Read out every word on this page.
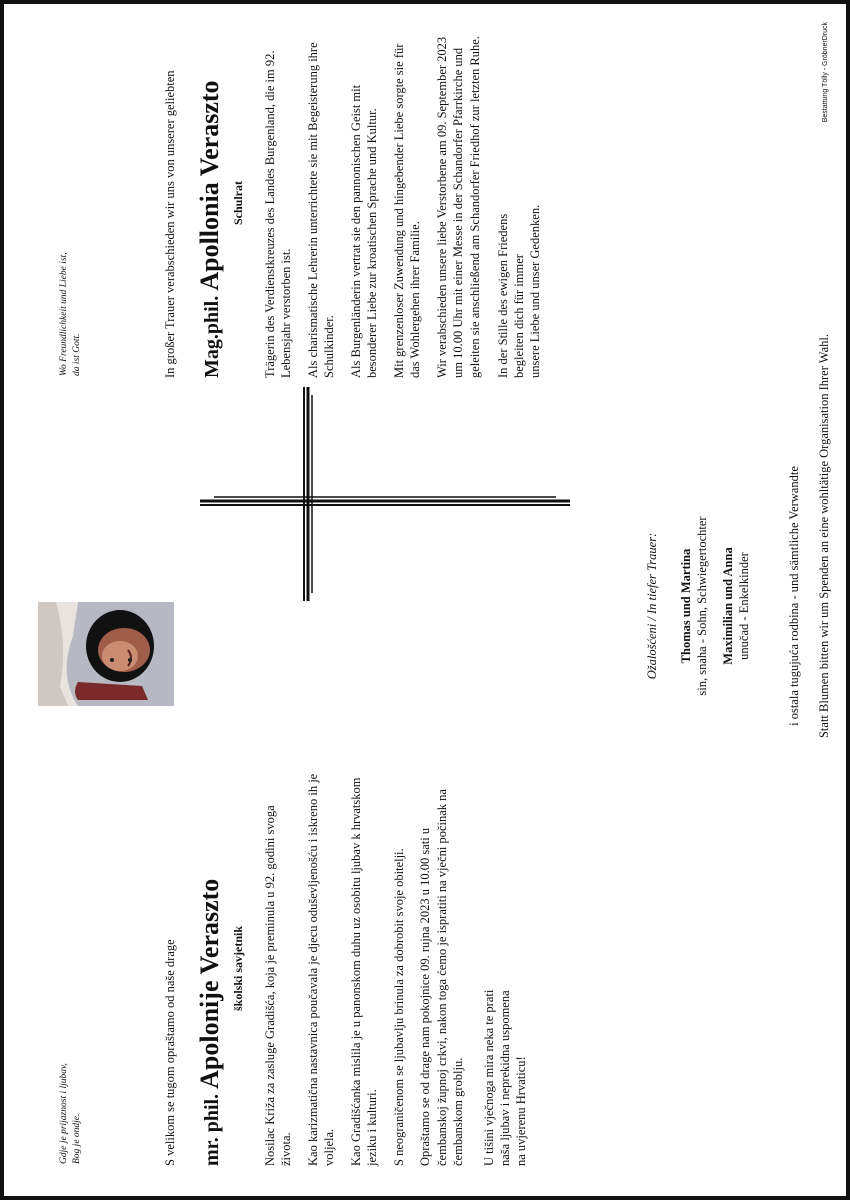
Gdje je prijaznost i ljubav, Bog je ondje.	S velikom se tugom opraštamo od naše drage	mr. phil. Apolonije Veraszto školski savjetnik Nosilac Križa za zasluge Gradišća, koja je preminula u 92. godini svoga života. Kao karizmatična nastavnica poučavala je djecu oduševljenošću i iskreno ih je voljela. Kao Gradišćanka mislila je u panonskom duhu uz osobitu ljubav k hrvatskom jeziku i kulturi. S neograničenom se ljubavlju brinula za dobrobit svoje obitelji. Opraštamo se od drage nam pokojnice 09. rujna 2023 u 10.00 sati u čembanskoj župnoj crkvi, nakon toga ćemo je ispratiti na vječni počinak na čembanskom groblju. U tišini vječnoga mira neka te prati naša ljubav i neprekidna uspomena na uvjerenu Hrvaticu!

Wo Freundlichkeit und Liebe ist, da ist Gott.	In großer Trauer verabschieden wir uns von unserer geliebten	Mag.phil. Apollonia Veraszto Schulrat Trägerin des Verdienstkreuzes des Landes Burgenland, die im 92. Lebensjahr verstorben ist. Als charismatische Lehrerin unterrichtete sie mit Begeisterung ihre Schulkinder. Als Burgenländerin vertrat sie den pannonischen Geist mit besonderer Liebe zur kroatischen Sprache und Kultur. Mit grenzenloser Zuwendung und hingebender Liebe sorgte sie für das Wohlergehen ihrer Familie. Wir verabschieden unsere liebe Verstorbene am 09. September 2023 um 10.00 Uhr mit einer Messe in der Schandorfer Pfarrkirche und geleiten sie anschließend am Schandorfer Friedhof zur letzten Ruhe. In der Stille des ewigen Friedens begleiten dich für immer unsere Liebe und unser Gedenken.

Ožalošćeni / In tiefer Trauer: Thomas und Martina sin, snaha - Sohn, Schwiegertochter Maximilian und Anna unučad - Enkelkinder	i ostala tugujuća rodbina - und sämtliche Verwandte Statt Blumen bitten wir um Spenden an eine wohltätige Organisation Ihrer Wahl.
Bestattung Tölly - GröbnerDruck
